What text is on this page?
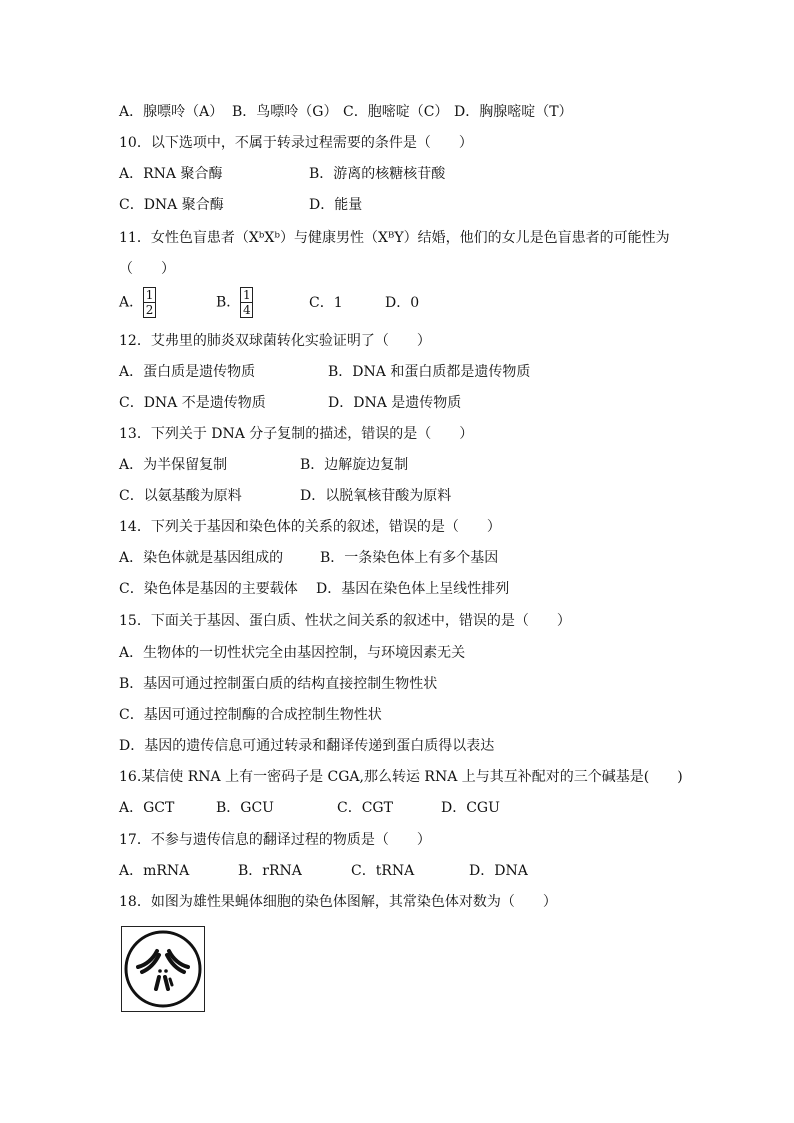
A．腺嘌呤（A） B．鸟嘌呤（G） C．胞嘧啶（C） D．胸腺嘧啶（T）
10．以下选项中，不属于转录过程需要的条件是（　　）
A．RNA 聚合酶	B．游离的核糖核苷酸
C．DNA 聚合酶	D．能量
11．女性色盲患者（XᵇXᵇ）与健康男性（XᴮY）结婚，他们的女儿是色盲患者的可能性为
（　　）
A． $\frac{1}{2}$	B． $\frac{1}{4}$	C．1	D．0
12．艾弗里的肺炎双球菌转化实验证明了（　　）
A．蛋白质是遗传物质	B．DNA 和蛋白质都是遗传物质
C．DNA 不是遗传物质	D．DNA 是遗传物质
13．下列关于 DNA 分子复制的描述，错误的是（　　）
A．为半保留复制	B．边解旋边复制
C．以氨基酸为原料	D．以脱氧核苷酸为原料
14．下列关于基因和染色体的关系的叙述，错误的是（　　）
A．染色体就是基因组成的	B．一条染色体上有多个基因
C．染色体是基因的主要载体 D．基因在染色体上呈线性排列
15．下面关于基因、蛋白质、性状之间关系的叙述中，错误的是（　　）
A．生物体的一切性状完全由基因控制，与环境因素无关
B．基因可通过控制蛋白质的结构直接控制生物性状
C．基因可通过控制酶的合成控制生物性状
D．基因的遗传信息可通过转录和翻译传递到蛋白质得以表达
16.某信使 RNA 上有一密码子是 CGA,那么转运 RNA 上与其互补配对的三个碱基是(　　)
A．GCT	B．GCU	C．CGT	D．CGU
17．不参与遗传信息的翻译过程的物质是（　　）
A．mRNA	B．rRNA	C．tRNA	D．DNA
18．如图为雄性果蝇体细胞的染色体图解，其常染色体对数为（　　）
